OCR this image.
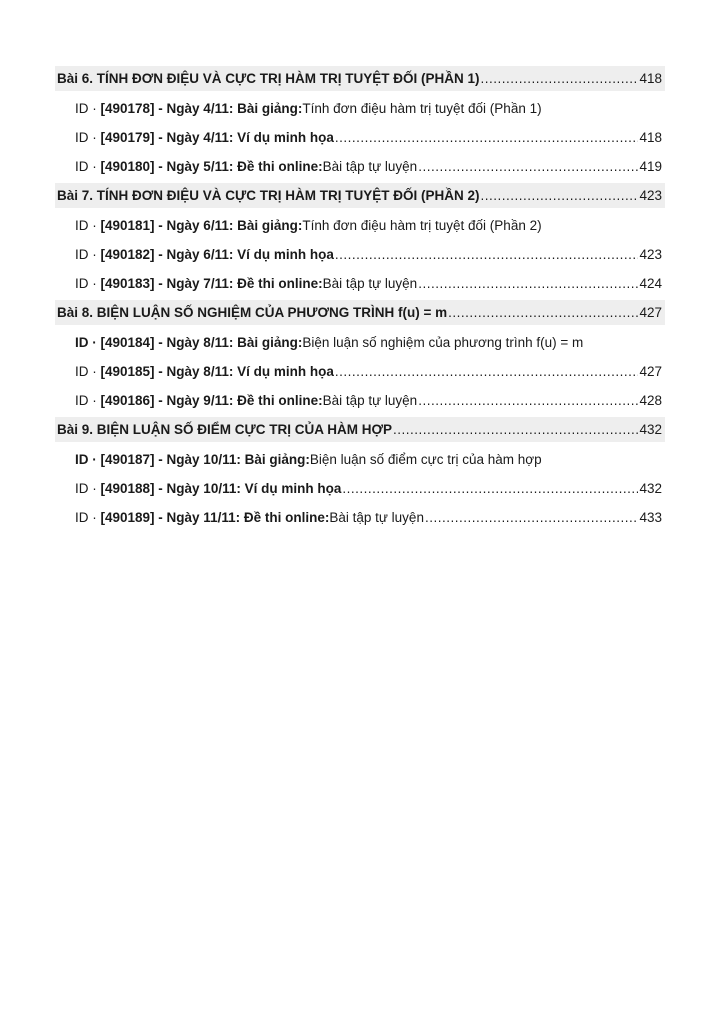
Bài 6. TÍNH ĐƠN ĐIỆU VÀ CỰC TRỊ HÀM TRỊ TUYỆT ĐỐI (PHẦN 1) .....	418
ID · [490178] - Ngày 4/11: Bài giảng: Tính đơn điệu hàm trị tuyệt đối (Phần 1)
ID · [490179] - Ngày 4/11: Ví dụ minh họa .....	418
ID · [490180] - Ngày 5/11: Đề thi online: Bài tập tự luyện .....	419
Bài 7. TÍNH ĐƠN ĐIỆU VÀ CỰC TRỊ HÀM TRỊ TUYỆT ĐỐI (PHẦN 2) .....	423
ID · [490181] - Ngày 6/11: Bài giảng: Tính đơn điệu hàm trị tuyệt đối (Phần 2)
ID · [490182] - Ngày 6/11: Ví dụ minh họa .....	423
ID · [490183] - Ngày 7/11: Đề thi online: Bài tập tự luyện .....	424
Bài 8. BIỆN LUẬN SỐ NGHIỆM CỦA PHƯƠNG TRÌNH f(u) = m .....	427
ID · [490184] - Ngày 8/11: Bài giảng: Biện luận số nghiệm của phương trình f(u) = m
ID · [490185] - Ngày 8/11: Ví dụ minh họa .....	427
ID · [490186] - Ngày 9/11: Đề thi online: Bài tập tự luyện .....	428
Bài 9. BIỆN LUẬN SỐ ĐIỂM CỰC TRỊ CỦA HÀM HỢP .....	432
ID · [490187] - Ngày 10/11: Bài giảng: Biện luận số điểm cực trị của hàm hợp
ID · [490188] - Ngày 10/11: Ví dụ minh họa .....	432
ID · [490189] - Ngày 11/11: Đề thi online: Bài tập tự luyện .....	433
